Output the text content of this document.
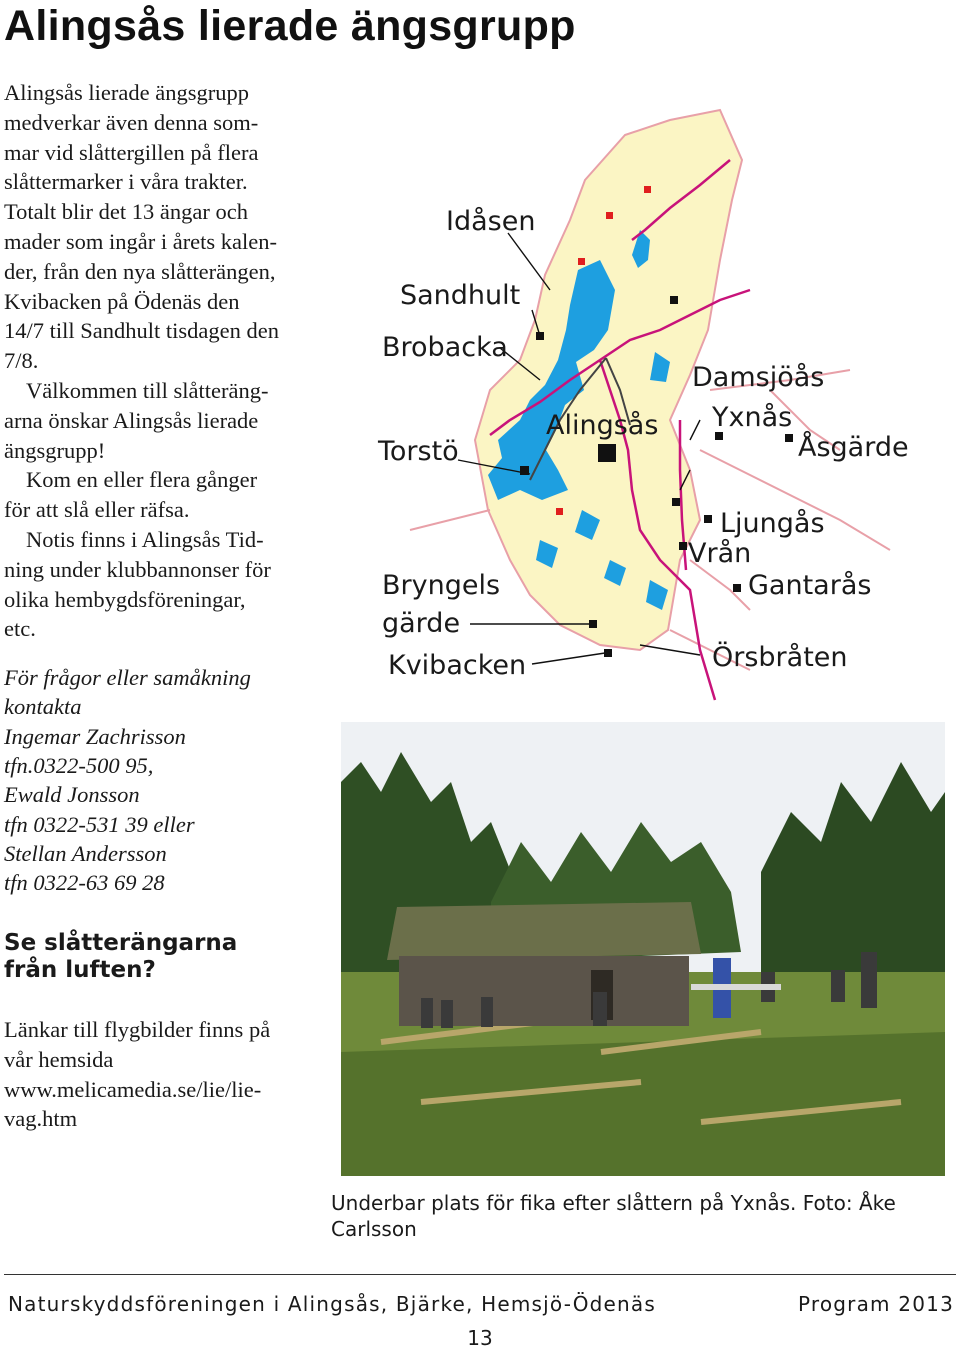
Alingsås lierade ängsgrupp

Alingsås lierade ängsgrupp
medverkar även denna som-
mar vid slåttergillen på flera
slåttermarker i våra trakter.
Totalt blir det 13 ängar och
mader som ingår i årets kalen-
der, från den nya slåtterängen,
Kvibacken på Ödenäs den
14/7 till Sandhult tisdagen den
7/8.

Välkommen till slåtteräng-
arna önskar Alingsås lierade
ängsgrupp!

Kom en eller flera gånger
för att slå eller räfsa.

Notis finns i Alingsås Tid-
ning under klubbannonser för
olika hembygdsföreningar,
etc.

För frågor eller samåkning
kontakta
Ingemar Zachrisson
tfn.0322-500 95,
Ewald Jonsson
tfn 0322-531 39 eller
Stellan Andersson
tfn 0322-63 69 28
Se slåtterängarna
från luften?
Länkar till flygbilder finns på
vår hemsida
www.melicamedia.se/lie/lie-
vag.htm
Idåsen
Sandhult
Brobacka
Torstö
Alingsås
Damsjöås
Yxnås
Åsgärde
Ljungås
Vrån
Gantarås
Bryngels
gärde
Kvibacken	Örsbråten
Underbar plats för fika efter slåttern på Yxnås. Foto: Åke Carlsson
Naturskyddsföreningen i Alingsås, Bjärke, Hemsjö-Ödenäs	Program 2013
13
